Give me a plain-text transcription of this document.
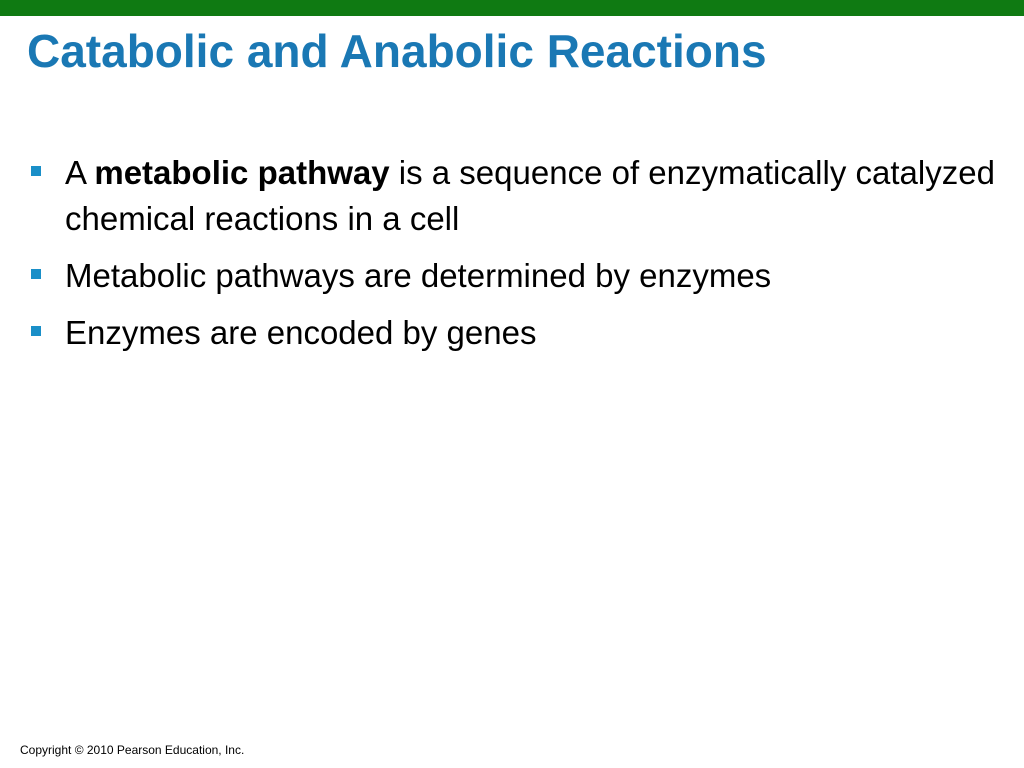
Catabolic and Anabolic Reactions
A metabolic pathway is a sequence of enzymatically catalyzed chemical reactions in a cell
Metabolic pathways are determined by enzymes
Enzymes are encoded by genes
Copyright © 2010 Pearson Education, Inc.
